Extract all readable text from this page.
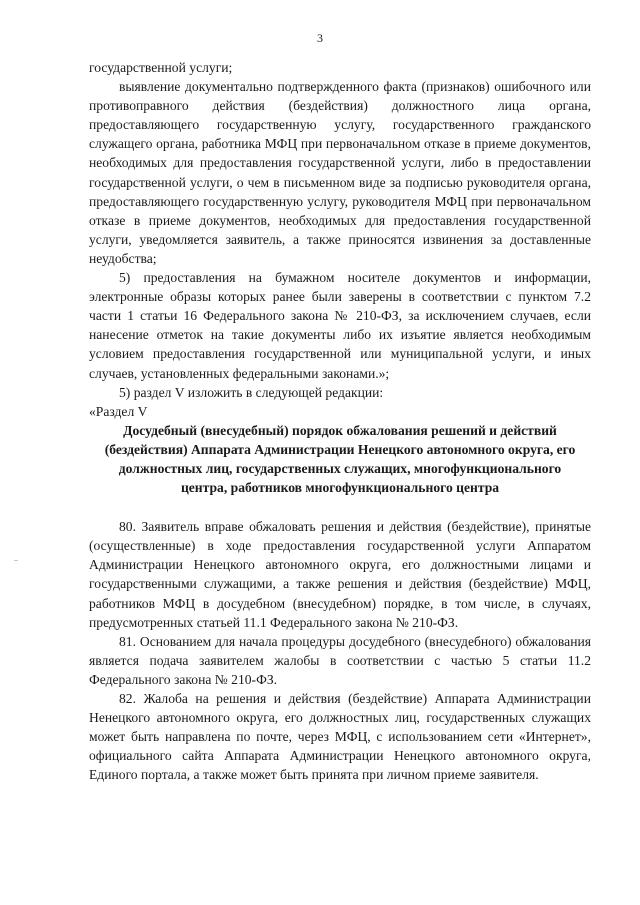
3

государственной услуги;

выявление документально подтвержденного факта (признаков) ошибочного или противоправного действия (бездействия) должностного лица органа, предоставляющего государственную услугу, государственного гражданского служащего органа, работника МФЦ при первоначальном отказе в приеме документов, необходимых для предоставления государственной услуги, либо в предоставлении государственной услуги, о чем в письменном виде за подписью руководителя органа, предоставляющего государственную услугу, руководителя МФЦ при первоначальном отказе в приеме документов, необходимых для предоставления государственной услуги, уведомляется заявитель, а также приносятся извинения за доставленные неудобства;

5) предоставления на бумажном носителе документов и информации, электронные образы которых ранее были заверены в соответствии с пунктом 7.2 части 1 статьи 16 Федерального закона № 210-ФЗ, за исключением случаев, если нанесение отметок на такие документы либо их изъятие является необходимым условием предоставления государственной или муниципальной услуги, и иных случаев, установленных федеральными законами.»;

5) раздел V изложить в следующей редакции:

«Раздел V

Досудебный (внесудебный) порядок обжалования решений и действий (бездействия) Аппарата Администрации Ненецкого автономного округа, его должностных лиц, государственных служащих, многофункционального центра, работников многофункционального центра

80. Заявитель вправе обжаловать решения и действия (бездействие), принятые (осуществленные) в ходе предоставления государственной услуги Аппаратом Администрации Ненецкого автономного округа, его должностными лицами и государственными служащими, а также решения и действия (бездействие) МФЦ, работников МФЦ в досудебном (внесудебном) порядке, в том числе, в случаях, предусмотренных статьей 11.1 Федерального закона № 210-ФЗ.

81. Основанием для начала процедуры досудебного (внесудебного) обжалования является подача заявителем жалобы в соответствии с частью 5 статьи 11.2 Федерального закона № 210-ФЗ.

82. Жалоба на решения и действия (бездействие) Аппарата Администрации Ненецкого автономного округа, его должностных лиц, государственных служащих может быть направлена по почте, через МФЦ, с использованием сети «Интернет», официального сайта Аппарата Администрации Ненецкого автономного округа, Единого портала, а также может быть принята при личном приеме заявителя.
